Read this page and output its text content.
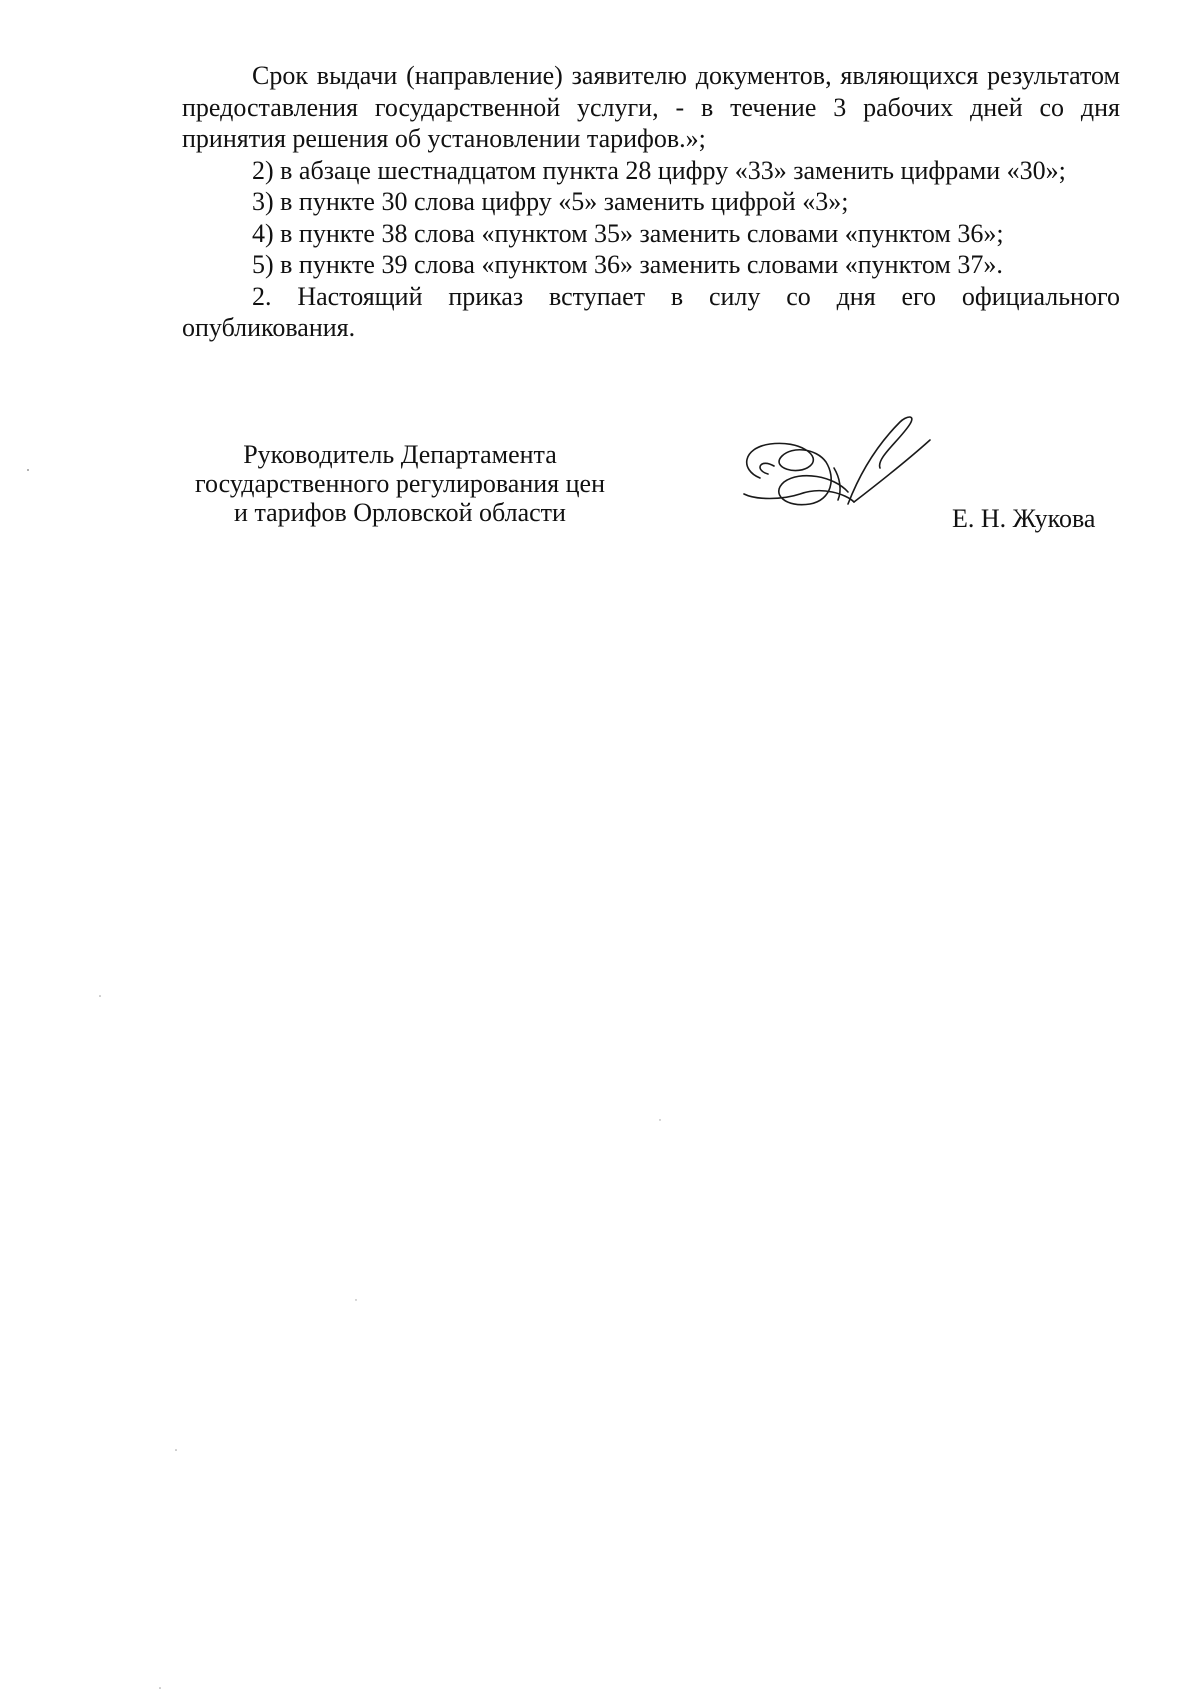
Срок выдачи (направление) заявителю документов, являющихся результатом предоставления государственной услуги, - в течение 3 рабочих дней со дня принятия решения об установлении тарифов.»;

2) в абзаце шестнадцатом пункта 28 цифру «33» заменить цифрами «30»;

3) в пункте 30 слова цифру «5» заменить цифрой «3»;

4) в пункте 38 слова «пунктом 35» заменить словами «пунктом 36»;

5) в пункте 39 слова «пунктом 36» заменить словами «пунктом 37».

2. Настоящий приказ вступает в силу со дня его официального опубликования.

Руководитель Департамента
государственного регулирования цен
и тарифов Орловской области	Е. Н. Жукова
